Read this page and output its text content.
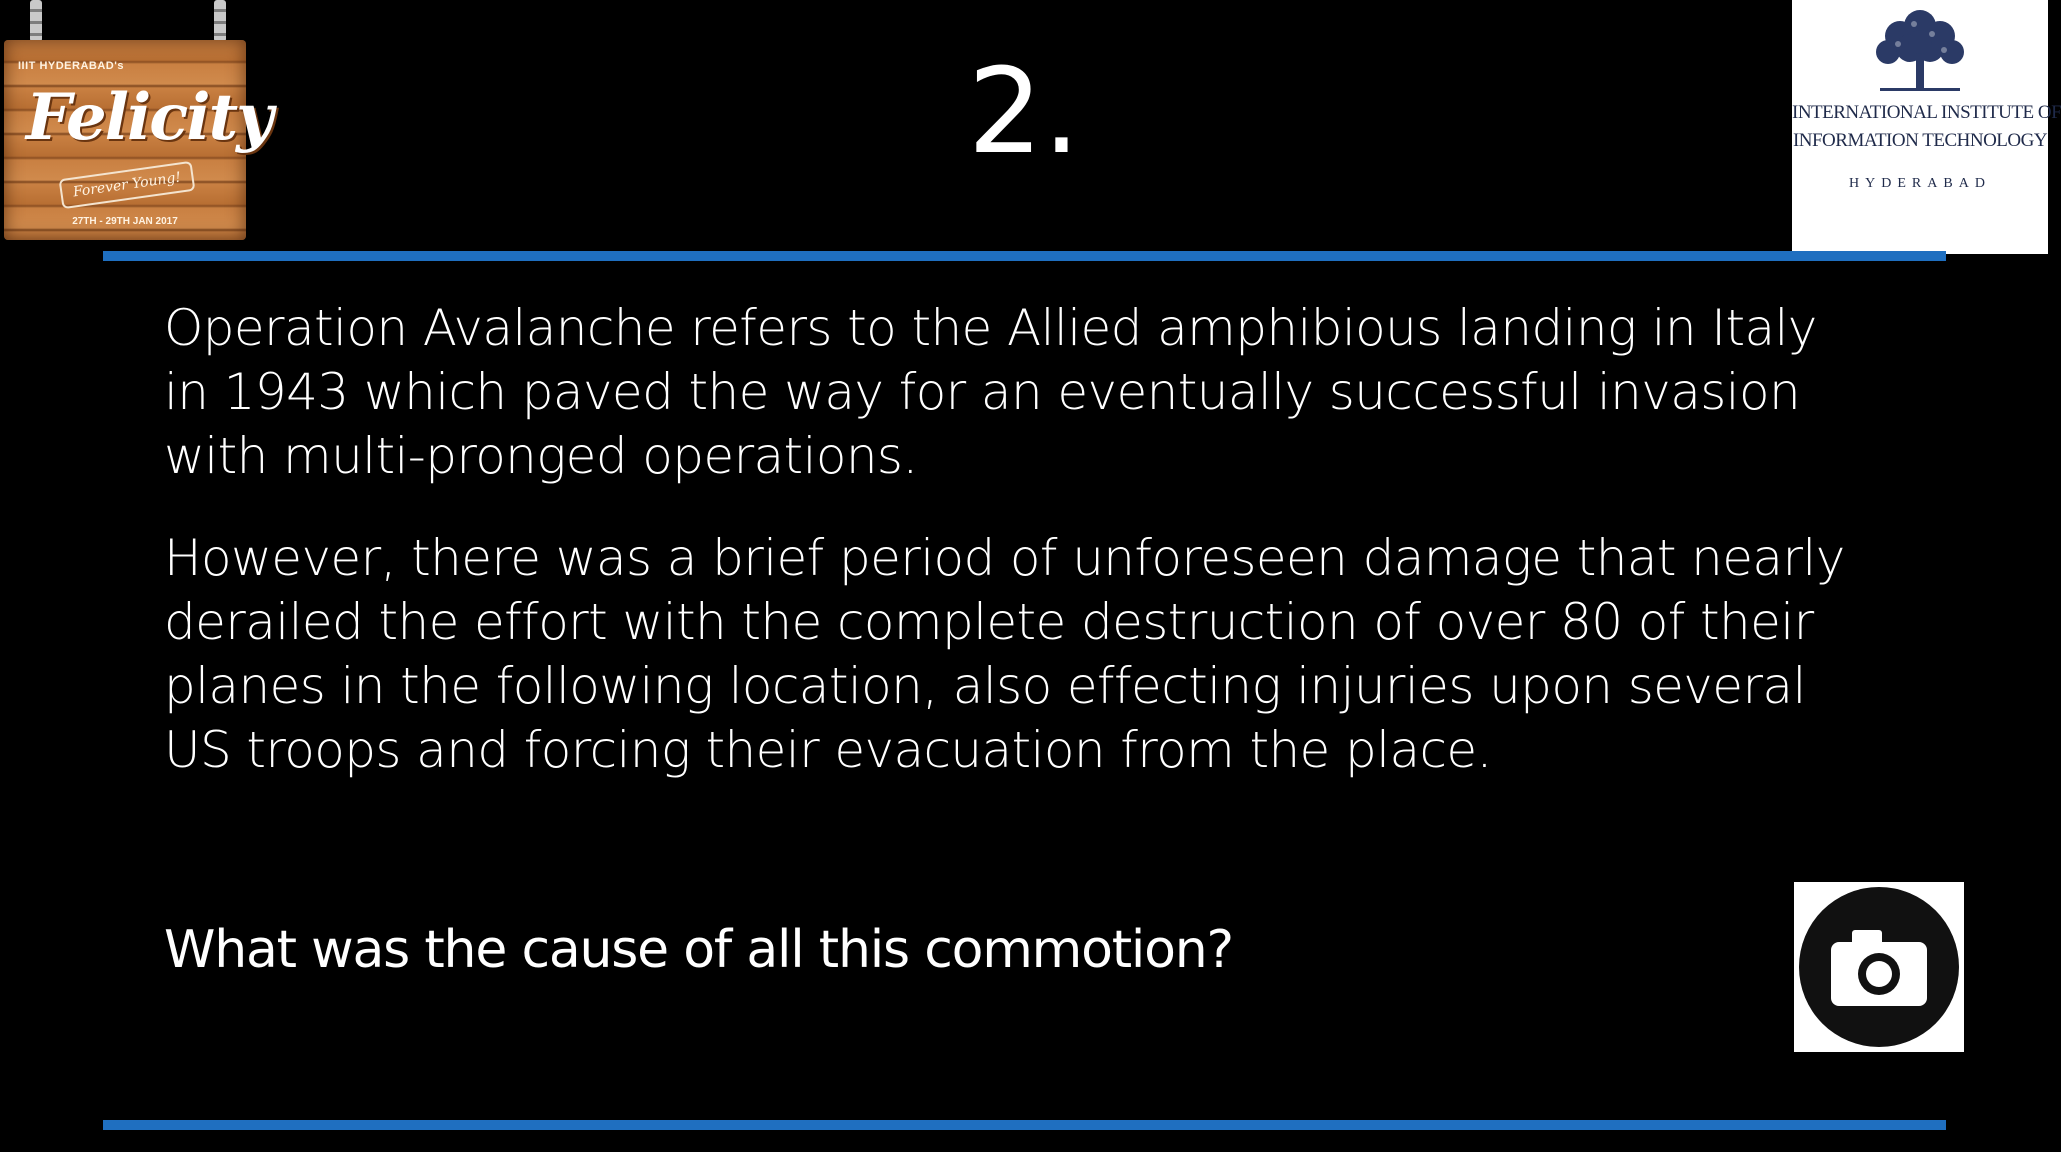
IIIT HYDERABAD's
Felicity
Forever Young!
27TH - 29TH JAN 2017
2.	INTERNATIONAL INSTITUTE OF
INFORMATION TECHNOLOGY
HYDERABAD

Operation Avalanche refers to the Allied amphibious landing in Italy in 1943 which paved the way for an eventually successful invasion with multi-pronged operations.

However, there was a brief period of unforeseen damage that nearly derailed the effort with the complete destruction of over 80 of their planes in the following location, also effecting injuries upon several US troops and forcing their evacuation from the place.

What was the cause of all this commotion?
